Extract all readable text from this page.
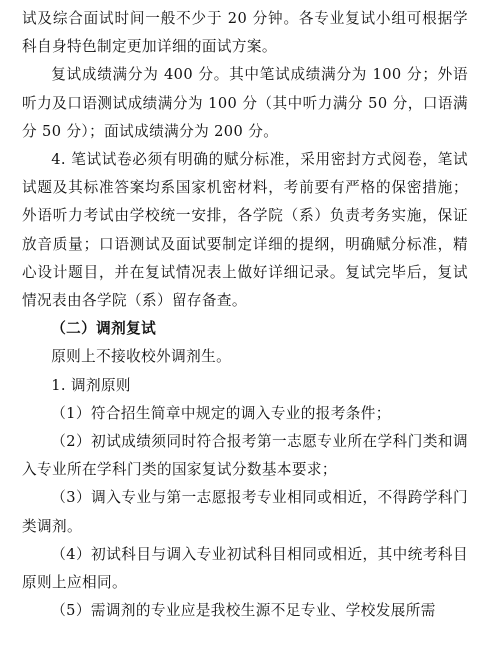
试及综合面试时间一般不少于 20 分钟。各专业复试小组可根据学科自身特色制定更加详细的面试方案。

复试成绩满分为 400 分。其中笔试成绩满分为 100 分；外语听力及口语测试成绩满分为 100 分（其中听力满分 50 分，口语满分 50 分）；面试成绩满分为 200 分。

4. 笔试试卷必须有明确的赋分标准，采用密封方式阅卷，笔试试题及其标准答案均系国家机密材料，考前要有严格的保密措施；外语听力考试由学校统一安排，各学院（系）负责考务实施，保证放音质量；口语测试及面试要制定详细的提纲，明确赋分标准，精心设计题目，并在复试情况表上做好详细记录。复试完毕后，复试情况表由各学院（系）留存备查。

（二）调剂复试

原则上不接收校外调剂生。

1. 调剂原则

（1）符合招生简章中规定的调入专业的报考条件；

（2）初试成绩须同时符合报考第一志愿专业所在学科门类和调入专业所在学科门类的国家复试分数基本要求；

（3）调入专业与第一志愿报考专业相同或相近，不得跨学科门类调剂。

（4）初试科目与调入专业初试科目相同或相近，其中统考科目原则上应相同。

（5）需调剂的专业应是我校生源不足专业、学校发展所需
